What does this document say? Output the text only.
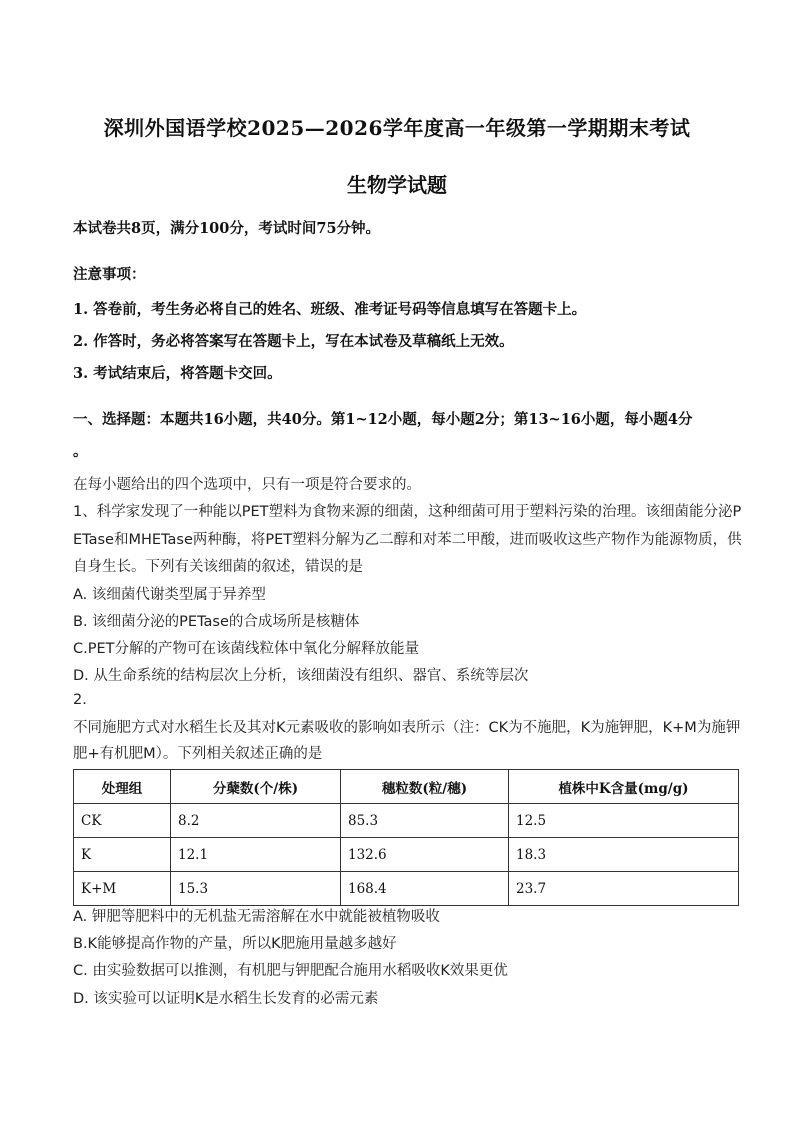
深圳外国语学校2025—2026学年度高一年级第一学期期末考试
生物学试题
本试卷共8页，满分100分，考试时间75分钟。
注意事项：
1. 答卷前，考生务必将自己的姓名、班级、准考证号码等信息填写在答题卡上。
2. 作答时，务必将答案写在答题卡上，写在本试卷及草稿纸上无效。
3. 考试结束后，将答题卡交回。
一、选择题：本题共16小题，共40分。第1~12小题，每小题2分；第13~16小题，每小题4分
。
在每小题给出的四个选项中，只有一项是符合要求的。
1、科学家发现了一种能以PET塑料为食物来源的细菌，这种细菌可用于塑料污染的治理。该细菌能分泌P
ETase和MHETase两种酶，将PET塑料分解为乙二醇和对苯二甲酸，进而吸收这些产物作为能源物质，供
自身生长。下列有关该细菌的叙述，错误的是
A. 该细菌代谢类型属于异养型
B. 该细菌分泌的PETase的合成场所是核糖体
C.PET分解的产物可在该菌线粒体中氧化分解释放能量
D. 从生命系统的结构层次上分析，该细菌没有组织、器官、系统等层次
2.
不同施肥方式对水稻生长及其对K元素吸收的影响如表所示（注：CK为不施肥，K为施钾肥，K+M为施钾
肥+有机肥M）。下列相关叙述正确的是
处理组	分蘖数(个/株)	穗粒数(粒/穗)	植株中K含量(mg/g)
CK	8.2	85.3	12.5
K	12.1	132.6	18.3
K+M	15.3	168.4	23.7
A. 钾肥等肥料中的无机盐无需溶解在水中就能被植物吸收
B.K能够提高作物的产量，所以K肥施用量越多越好
C. 由实验数据可以推测，有机肥与钾肥配合施用水稻吸收K效果更优
D. 该实验可以证明K是水稻生长发育的必需元素
